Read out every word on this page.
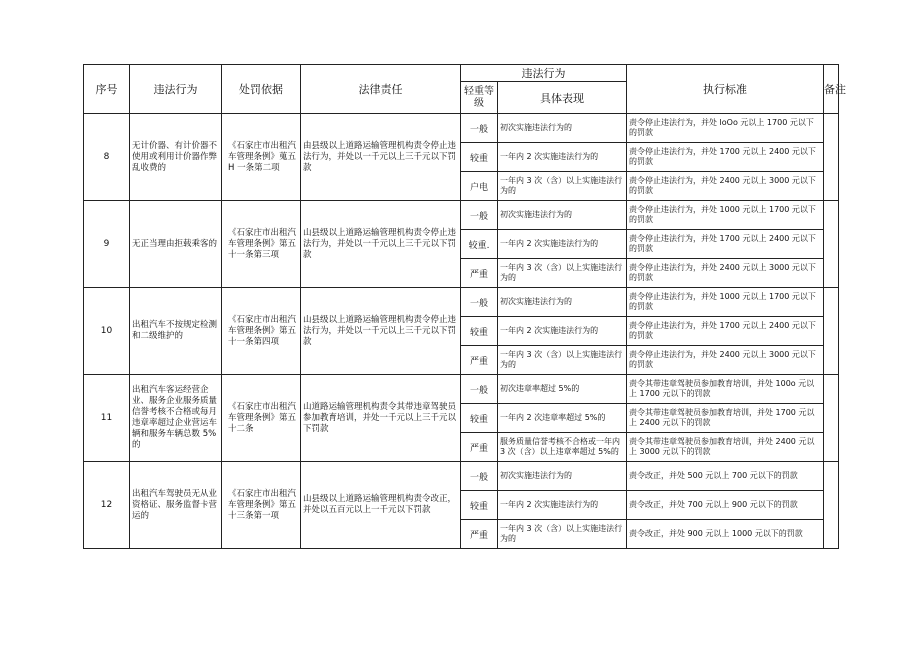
序号	违法行为	处罚依据	法律责任	违法行为		执行标准	备注
				轻重等级	具体表现		
8	无计价器、有计价器不使用或利用计价器作弊乱收费的	《石家庄市出租汽车管理条例》蒐五 H 一条第二项	由县级以上道路运输管理机构责令停止违法行为，并处以一千元以上三千元以下罚款	一般	初次实施违法行为的	责令停止违法行为，并处 loOo 元以上 1700 元以下的罚款	
				较重	一年内 2 次实施违法行为的	责令停止违法行为，并处 1700 元以上 2400 元以下的罚款	
				户电	一年内 3 次（含）以上实施违法行为的	责令停止违法行为，并处 2400 元以上 3000 元以下的罚款	
9	无正当理由拒载乘客的	《石家庄市出租汽车管理条例》第五十一条第三项	山县级以上道路运输管理机构责令停止违法行为，并处以一千元以上三千元以下罚款	一般	初次实施违法行为的	责令停止违法行为，并处 1000 元以上 1700 元以下的罚款	
				较重.	一年内 2 次实施违法行为的	责令停止违法行为，并处 1700 元以上 2400 元以下的罚款	
				严重	一年内 3 次（含）以上实施违法行为的	责令停止违法行为，并处 2400 元以上 3000 元以下的罚款	
10	出租汽车不按规定检测和二级维护的	《石家庄市出租汽车管理条例》第五十一条第四项	山县级以上道路运输管理机构责令停止违法行为，并处以一千元以上三千元以下罚款	一般	初次实施违法行为的	责令停止违法行为，并处 1000 元以上 1700 元以下的罚款	
				较重	一年内 2 次实施违法行为的	责令停止违法行为，并处 1700 元以上 2400 元以下的罚款	
				严重	一年内 3 次（含）以上实施违法行为的	责令停止违法行为，并处 2400 元以上 3000 元以下的罚款	
11	出租汽车客运经营企业、服务企业服务质量信誉考核不合格或每月违章率超过企业营运车辆和服务车辆总数 5%的	《石家庄市出租汽车管理条例》第五十二条	山道路运输管理机构责令其带违章驾驶员参加教育培训，并处一千元以上三千元以下罚款	一般	初次违章率超过 5%的	责令其带违章驾驶员参加教育培训，并处 100o 元以上 1700 元以下的罚款	
				较重	一年内 2 次违章率超过 5%的	责令其带违章驾驶员参加教育培训，并处 1700 元以上 2400 元以下的罚款	
				严重	服务质量信誉考核不合格或一年内 3 次（含）以上违章率超过 5%的	责令其带违章驾驶员参加教育培训，并处 2400 元以上 3000 元以下的罚款	
12	出租汽车驾驶员无从业资格证、服务监督卡营运的	《石家庄市出租汽车管理条例》第五十三条第一项	山县级以上道路运输管理机构责令改正，并处以五百元以上一千元以下罚款	一般	初次实施违法行为的	责令改正，并处 500 元以上 700 元以下的罚款	
				较重	一年内 2 次实施违法行为的	责令改正，并处 700 元以上 900 元以下的罚款	
				严重	一年内 3 次（含）以上实施违法行为的	责令改正，并处 900 元以上 1000 元以下的罚款	
